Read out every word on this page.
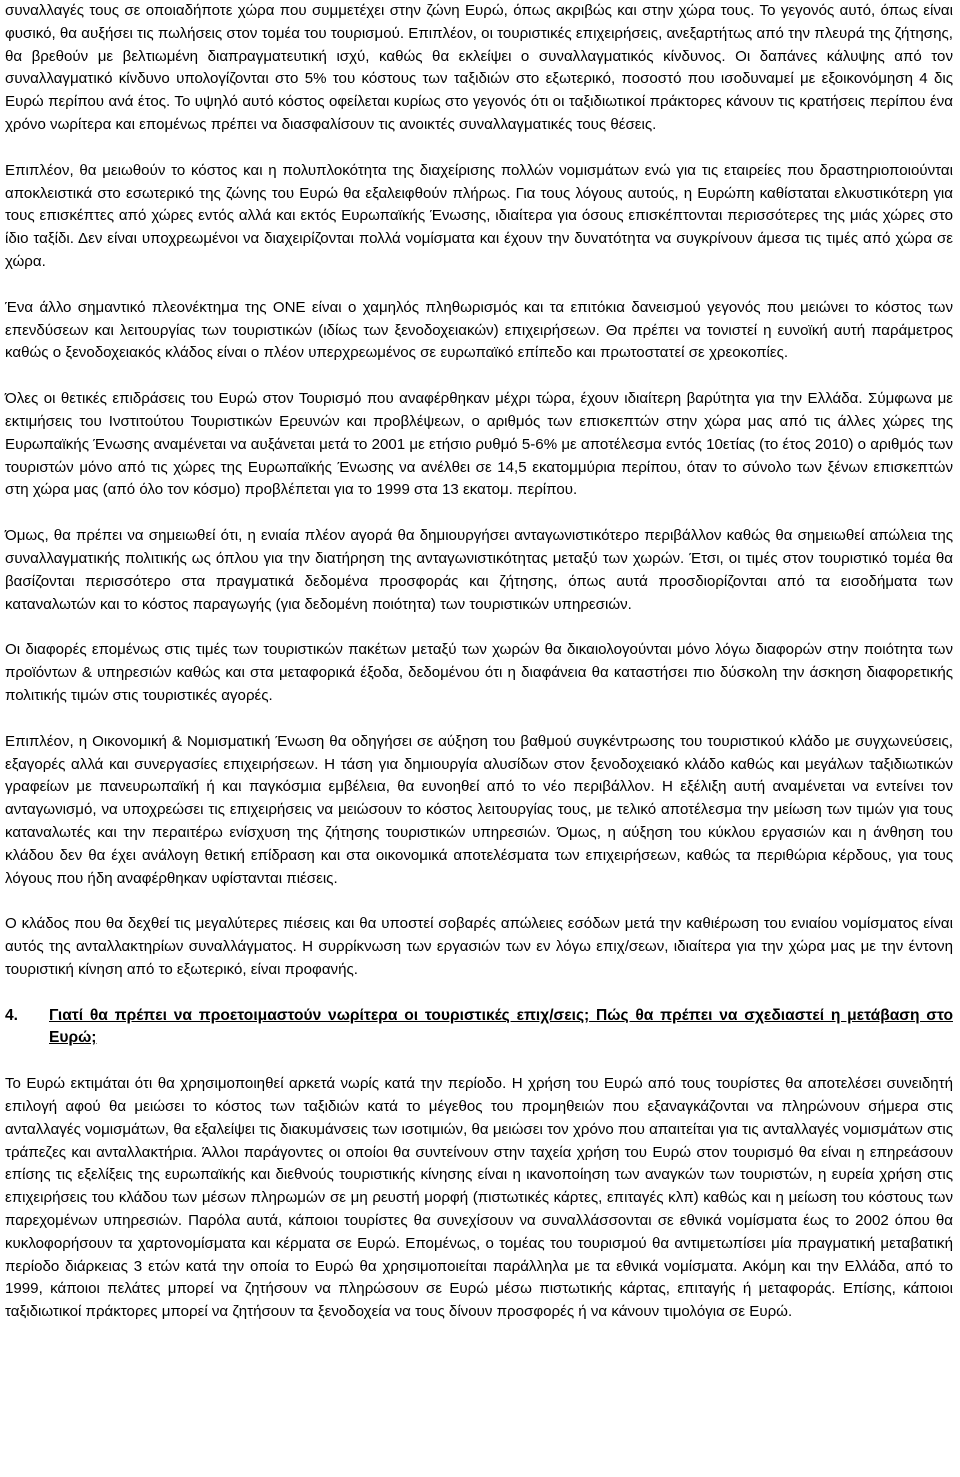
συναλλαγές τους σε οποιαδήποτε χώρα που συμμετέχει στην ζώνη Ευρώ, όπως ακριβώς και στην χώρα τους. Το γεγονός αυτό, όπως είναι φυσικό, θα αυξήσει τις πωλήσεις στον τομέα του τουρισμού. Επιπλέον, οι τουριστικές επιχειρήσεις, ανεξαρτήτως από την πλευρά της ζήτησης, θα βρεθούν με βελτιωμένη διαπραγματευτική ισχύ, καθώς θα εκλείψει ο συναλλαγματικός κίνδυνος. Οι δαπάνες κάλυψης από τον συναλλαγματικό κίνδυνο υπολογίζονται στο 5% του κόστους των ταξιδιών στο εξωτερικό, ποσοστό που ισοδυναμεί με εξοικονόμηση 4 δις Ευρώ περίπου ανά έτος. Το υψηλό αυτό κόστος οφείλεται κυρίως στο γεγονός ότι οι ταξιδιωτικοί πράκτορες κάνουν τις κρατήσεις περίπου ένα χρόνο νωρίτερα και επομένως πρέπει να διασφαλίσουν τις ανοικτές συναλλαγματικές τους θέσεις.

Επιπλέον, θα μειωθούν το κόστος και η πολυπλοκότητα της διαχείρισης πολλών νομισμάτων ενώ για τις εταιρείες που δραστηριοποιούνται αποκλειστικά στο εσωτερικό της ζώνης του Ευρώ θα εξαλειφθούν πλήρως. Για τους λόγους αυτούς, η Ευρώπη καθίσταται ελκυστικότερη για τους επισκέπτες από χώρες εντός αλλά και εκτός Ευρωπαϊκής Ένωσης, ιδιαίτερα για όσους επισκέπτονται περισσότερες της μιάς χώρες στο ίδιο ταξίδι. Δεν είναι υποχρεωμένοι να διαχειρίζονται πολλά νομίσματα και έχουν την δυνατότητα να συγκρίνουν άμεσα τις τιμές από χώρα σε χώρα.

Ένα άλλο σημαντικό πλεονέκτημα της ΟΝΕ είναι ο χαμηλός πληθωρισμός και τα επιτόκια δανεισμού γεγονός που μειώνει το κόστος των επενδύσεων και λειτουργίας των τουριστικών (ιδίως των ξενοδοχειακών) επιχειρήσεων. Θα πρέπει να τονιστεί η ευνοϊκή αυτή παράμετρος καθώς ο ξενοδοχειακός κλάδος είναι ο πλέον υπερχρεωμένος σε ευρωπαϊκό επίπεδο και πρωτοστατεί σε χρεοκοπίες.

Όλες οι θετικές επιδράσεις του Ευρώ στον Τουρισμό που αναφέρθηκαν μέχρι τώρα, έχουν ιδιαίτερη βαρύτητα για την Ελλάδα. Σύμφωνα με εκτιμήσεις του Ινστιτούτου Τουριστικών Ερευνών και προβλέψεων, ο αριθμός των επισκεπτών στην χώρα μας από τις άλλες χώρες της Ευρωπαϊκής Ένωσης αναμένεται να αυξάνεται μετά το 2001 με ετήσιο ρυθμό 5-6% με αποτέλεσμα εντός 10ετίας (το έτος 2010) ο αριθμός των τουριστών μόνο από τις χώρες της Ευρωπαϊκής Ένωσης να ανέλθει σε 14,5 εκατομμύρια περίπου, όταν το σύνολο των ξένων επισκεπτών στη χώρα μας (από όλο τον κόσμο) προβλέπεται για το 1999 στα 13 εκατομ. περίπου.

Όμως, θα πρέπει να σημειωθεί ότι, η ενιαία πλέον αγορά θα δημιουργήσει ανταγωνιστικότερο περιβάλλον καθώς θα σημειωθεί απώλεια της συναλλαγματικής πολιτικής ως όπλου για την διατήρηση της ανταγωνιστικότητας μεταξύ των χωρών. Έτσι, οι τιμές στον τουριστικό τομέα θα βασίζονται περισσότερο στα πραγματικά δεδομένα προσφοράς και ζήτησης, όπως αυτά προσδιορίζονται από τα εισοδήματα των καταναλωτών και το κόστος παραγωγής (για δεδομένη ποιότητα) των τουριστικών υπηρεσιών.

Οι διαφορές επομένως στις τιμές των τουριστικών πακέτων μεταξύ των χωρών θα δικαιολογούνται μόνο λόγω διαφορών στην ποιότητα των προϊόντων & υπηρεσιών καθώς και στα μεταφορικά έξοδα, δεδομένου ότι η διαφάνεια θα καταστήσει πιο δύσκολη την άσκηση διαφορετικής πολιτικής τιμών στις τουριστικές αγορές.

Επιπλέον, η Οικονομική & Νομισματική Ένωση θα οδηγήσει σε αύξηση του βαθμού συγκέντρωσης του τουριστικού κλάδο με συγχωνεύσεις, εξαγορές αλλά και συνεργασίες επιχειρήσεων. Η τάση για δημιουργία αλυσίδων στον ξενοδοχειακό κλάδο καθώς και μεγάλων ταξιδιωτικών γραφείων με πανευρωπαϊκή ή και παγκόσμια εμβέλεια, θα ευνοηθεί από το νέο περιβάλλον. Η εξέλιξη αυτή αναμένεται να εντείνει τον ανταγωνισμό, να υποχρεώσει τις επιχειρήσεις να μειώσουν το κόστος λειτουργίας τους, με τελικό αποτέλεσμα την μείωση των τιμών για τους καταναλωτές και την περαιτέρω ενίσχυση της ζήτησης τουριστικών υπηρεσιών. Όμως, η αύξηση του κύκλου εργασιών και η άνθηση του κλάδου δεν θα έχει ανάλογη θετική επίδραση και στα οικονομικά αποτελέσματα των επιχειρήσεων, καθώς τα περιθώρια κέρδους, για τους λόγους που ήδη αναφέρθηκαν υφίστανται πιέσεις.

Ο κλάδος που θα δεχθεί τις μεγαλύτερες πιέσεις και θα υποστεί σοβαρές απώλειες εσόδων μετά την καθιέρωση του ενιαίου νομίσματος είναι αυτός της ανταλλακτηρίων συναλλάγματος. Η συρρίκνωση των εργασιών των εν λόγω επιχ/σεων, ιδιαίτερα για την χώρα μας με την έντονη τουριστική κίνηση από το εξωτερικό, είναι προφανής.

4.	Γιατί θα πρέπει να προετοιμαστούν νωρίτερα οι τουριστικές επιχ/σεις; Πώς θα πρέπει να σχεδιαστεί η μετάβαση στο Ευρώ;

Το Ευρώ εκτιμάται ότι θα χρησιμοποιηθεί αρκετά νωρίς κατά την περίοδο. Η χρήση του Ευρώ από τους τουρίστες θα αποτελέσει συνειδητή επιλογή αφού θα μειώσει το κόστος των ταξιδιών κατά το μέγεθος του προμηθειών που εξαναγκάζονται να πληρώνουν σήμερα στις ανταλλαγές νομισμάτων, θα εξαλείψει τις διακυμάνσεις των ισοτιμιών, θα μειώσει τον χρόνο που απαιτείται για τις ανταλλαγές νομισμάτων στις τράπεζες και ανταλλακτήρια. Άλλοι παράγοντες οι οποίοι θα συντείνουν στην ταχεία χρήση του Ευρώ στον τουρισμό θα είναι η επηρεάσουν επίσης τις εξελίξεις της ευρωπαϊκής και διεθνούς τουριστικής κίνησης είναι η ικανοποίηση των αναγκών των τουριστών, η ευρεία χρήση στις επιχειρήσεις του κλάδου των μέσων πληρωμών σε μη ρευστή μορφή (πιστωτικές κάρτες, επιταγές κλπ) καθώς και η μείωση του κόστους των παρεχομένων υπηρεσιών. Παρόλα αυτά, κάποιοι τουρίστες θα συνεχίσουν να συναλλάσσονται σε εθνικά νομίσματα έως το 2002 όπου θα κυκλοφορήσουν τα χαρτονομίσματα και κέρματα σε Ευρώ. Επομένως, ο τομέας του τουρισμού θα αντιμετωπίσει μία πραγματική μεταβατική περίοδο διάρκειας 3 ετών κατά την οποία το Ευρώ θα χρησιμοποιείται παράλληλα με τα εθνικά νομίσματα. Ακόμη και την Ελλάδα, από το 1999, κάποιοι πελάτες μπορεί να ζητήσουν να πληρώσουν σε Ευρώ μέσω πιστωτικής κάρτας, επιταγής ή μεταφοράς. Επίσης, κάποιοι ταξιδιωτικοί πράκτορες μπορεί να ζητήσουν τα ξενοδοχεία να τους δίνουν προσφορές ή να κάνουν τιμολόγια σε Ευρώ.
